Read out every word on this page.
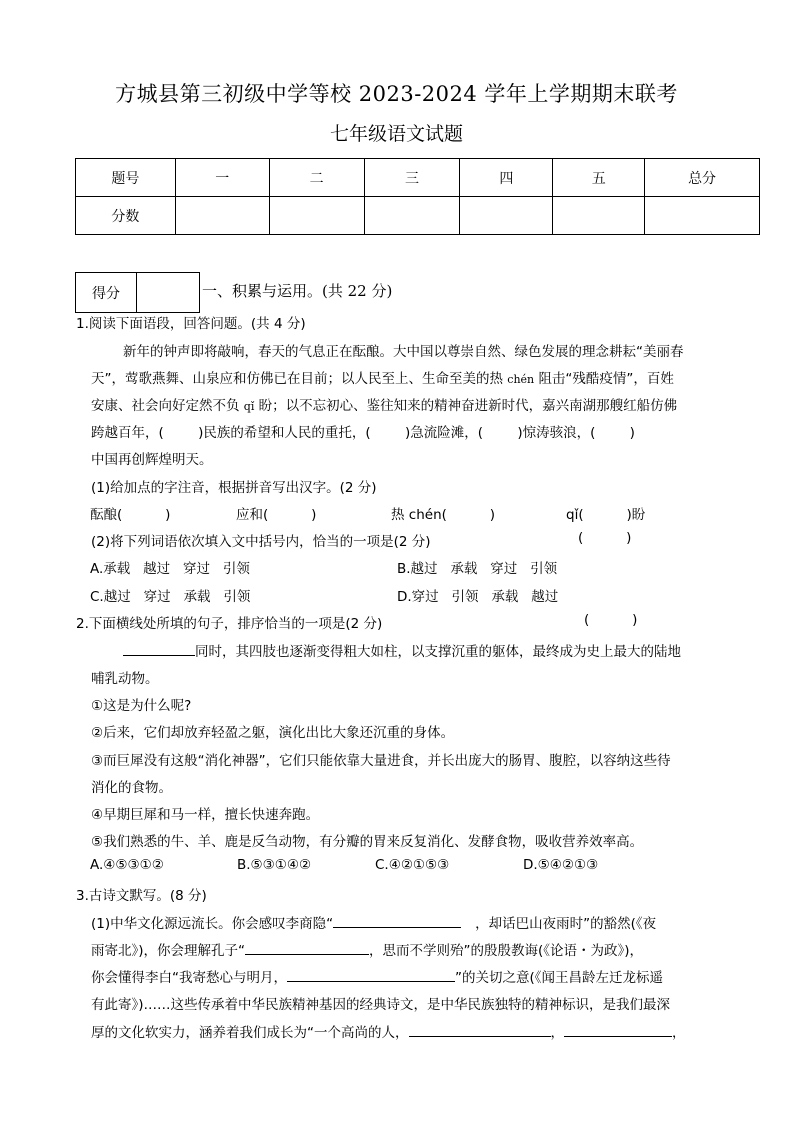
方城县第三初级中学等校 2023-2024 学年上学期期末联考
七年级语文试题
题号	一	二	三	四	五	总分
分数						
得分		一、积累与运用。(共 22 分)
1.阅读下面语段，回答问题。(共 4 分)
新年的钟声即将敲响，春天的气息正在酝酿。大中国以尊崇自然、绿色发展的理念耕耘“美丽春
天”，莺歌燕舞、山泉应和仿佛已在目前；以人民至上、生命至美的热 chén 阻击“残酷疫情”，百姓
安康、社会向好定然不负 qǐ 盼；以不忘初心、鉴往知来的精神奋进新时代，嘉兴南湖那艘红船仿佛
跨越百年，(        )民族的希望和人民的重托，(        )急流险滩，(        )惊涛骇浪，(        )
中国再创辉煌明天。
(1)给加点的字注音，根据拼音写出汉字。(2 分)
酝酿(          )	应和(          )	热 chén(          )	qǐ(          )盼
(2)将下列词语依次填入文中括号内，恰当的一项是(2 分)	(          )
A.承载   越过   穿过   引领	B.越过   承载   穿过   引领
C.越过   穿过   承载   引领	D.穿过   引领   承载   越过
2.下面横线处所填的句子，排序恰当的一项是(2 分)	(          )
同时，其四肢也逐渐变得粗大如柱，以支撑沉重的躯体，最终成为史上最大的陆地
哺乳动物。
①这是为什么呢?
②后来，它们却放弃轻盈之躯，演化出比大象还沉重的身体。
③而巨犀没有这般“消化神器”，它们只能依靠大量进食，并长出庞大的肠胃、腹腔，以容纳这些待
消化的食物。
④早期巨犀和马一样，擅长快速奔跑。
⑤我们熟悉的牛、羊、鹿是反刍动物，有分瓣的胃来反复消化、发酵食物，吸收营养效率高。
A.④⑤③①②	B.⑤③①④②	C.④②①⑤③	D.⑤④②①③
3.古诗文默写。(8 分)
(1)中华文化源远流长。你会感叹李商隐“	，却话巴山夜雨时”的豁然(《夜
雨寄北》)，你会理解孔子“	，思而不学则殆”的殷殷教诲(《论语・为政》)，
你会懂得李白“我寄愁心与明月，	”的关切之意(《闻王昌龄左迁龙标遥
有此寄》)……这些传承着中华民族精神基因的经典诗文，是中华民族独特的精神标识，是我们最深
厚的文化软实力，涵养着我们成长为“一个高尚的人，	，	，
